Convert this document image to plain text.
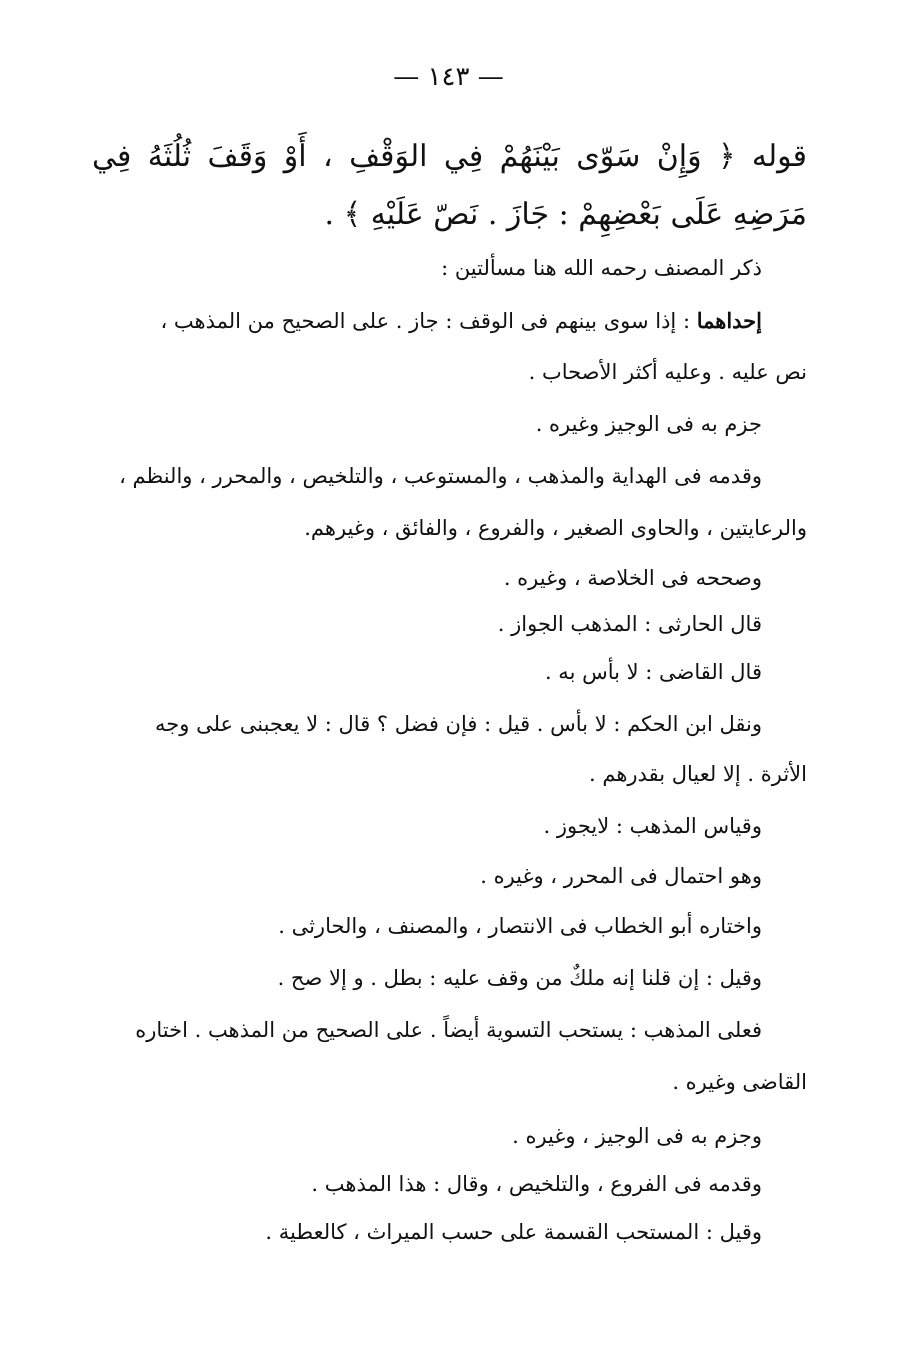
— ١٤٣ —
قوله ﴿ وَإِنْ سَوّى بَيْنَهُمْ فِي الوَقْفِ ، أَوْ وَقَفَ ثُلُثَهُ فِي مَرَضِهِ عَلَى بَعْضِهِمْ : جَازَ . نَصّ عَلَيْهِ ﴾ .
ذكر المصنف رحمه الله هنا مسألتين :
إحداهما : إذا سوى بينهم فى الوقف : جاز . على الصحيح من المذهب ،
نص عليه . وعليه أكثر الأصحاب .
جزم به فى الوجيز وغيره .
وقدمه فى الهداية والمذهب ، والمستوعب ، والتلخيص ، والمحرر ، والنظم ،
والرعايتين ، والحاوى الصغير ، والفروع ، والفائق ، وغيرهم.
وصححه فى الخلاصة ، وغيره .
قال الحارثى : المذهب الجواز .
قال القاضى : لا بأس به .
ونقل ابن الحكم : لا بأس . قيل : فإن فضل ؟ قال : لا يعجبنى على وجه
الأثرة . إلا لعيال بقدرهم .
وقياس المذهب : لايجوز .
وهو احتمال فى المحرر ، وغيره .
واختاره أبو الخطاب فى الانتصار ، والمصنف ، والحارثى .
وقيل : إن قلنا إنه ملكٌ من وقف عليه : بطل . و إلا صح .
فعلى المذهب : يستحب التسوية أيضاً . على الصحيح من المذهب . اختاره
القاضى وغيره .
وجزم به فى الوجيز ، وغيره .
وقدمه فى الفروع ، والتلخيص ، وقال : هذا المذهب .
وقيل : المستحب القسمة على حسب الميراث ، كالعطية .
